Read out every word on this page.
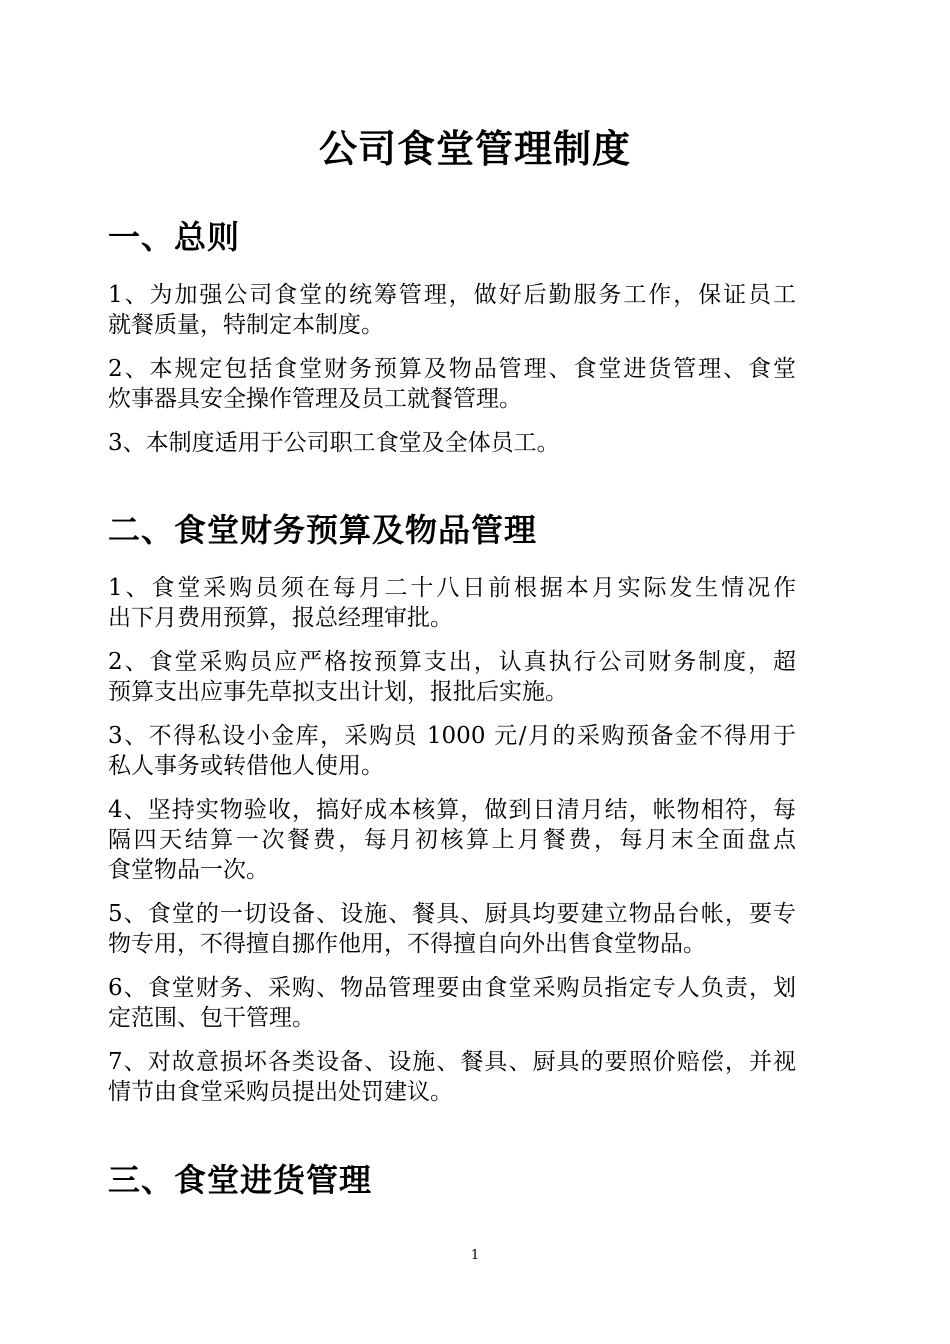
公司食堂管理制度
一、总则
1、为加强公司食堂的统筹管理，做好后勤服务工作，保证员工
就餐质量，特制定本制度。
2、本规定包括食堂财务预算及物品管理、食堂进货管理、食堂
炊事器具安全操作管理及员工就餐管理。
3、本制度适用于公司职工食堂及全体员工。
二、食堂财务预算及物品管理
1、食堂采购员须在每月二十八日前根据本月实际发生情况作
出下月费用预算，报总经理审批。
2、食堂采购员应严格按预算支出，认真执行公司财务制度，超
预算支出应事先草拟支出计划，报批后实施。
3、不得私设小金库，采购员 1000 元/月的采购预备金不得用于
私人事务或转借他人使用。
4、坚持实物验收，搞好成本核算，做到日清月结，帐物相符，每
隔四天结算一次餐费，每月初核算上月餐费，每月末全面盘点
食堂物品一次。
5、食堂的一切设备、设施、餐具、厨具均要建立物品台帐，要专
物专用，不得擅自挪作他用，不得擅自向外出售食堂物品。
6、食堂财务、采购、物品管理要由食堂采购员指定专人负责，划
定范围、包干管理。
7、对故意损坏各类设备、设施、餐具、厨具的要照价赔偿，并视
情节由食堂采购员提出处罚建议。
三、食堂进货管理
1
